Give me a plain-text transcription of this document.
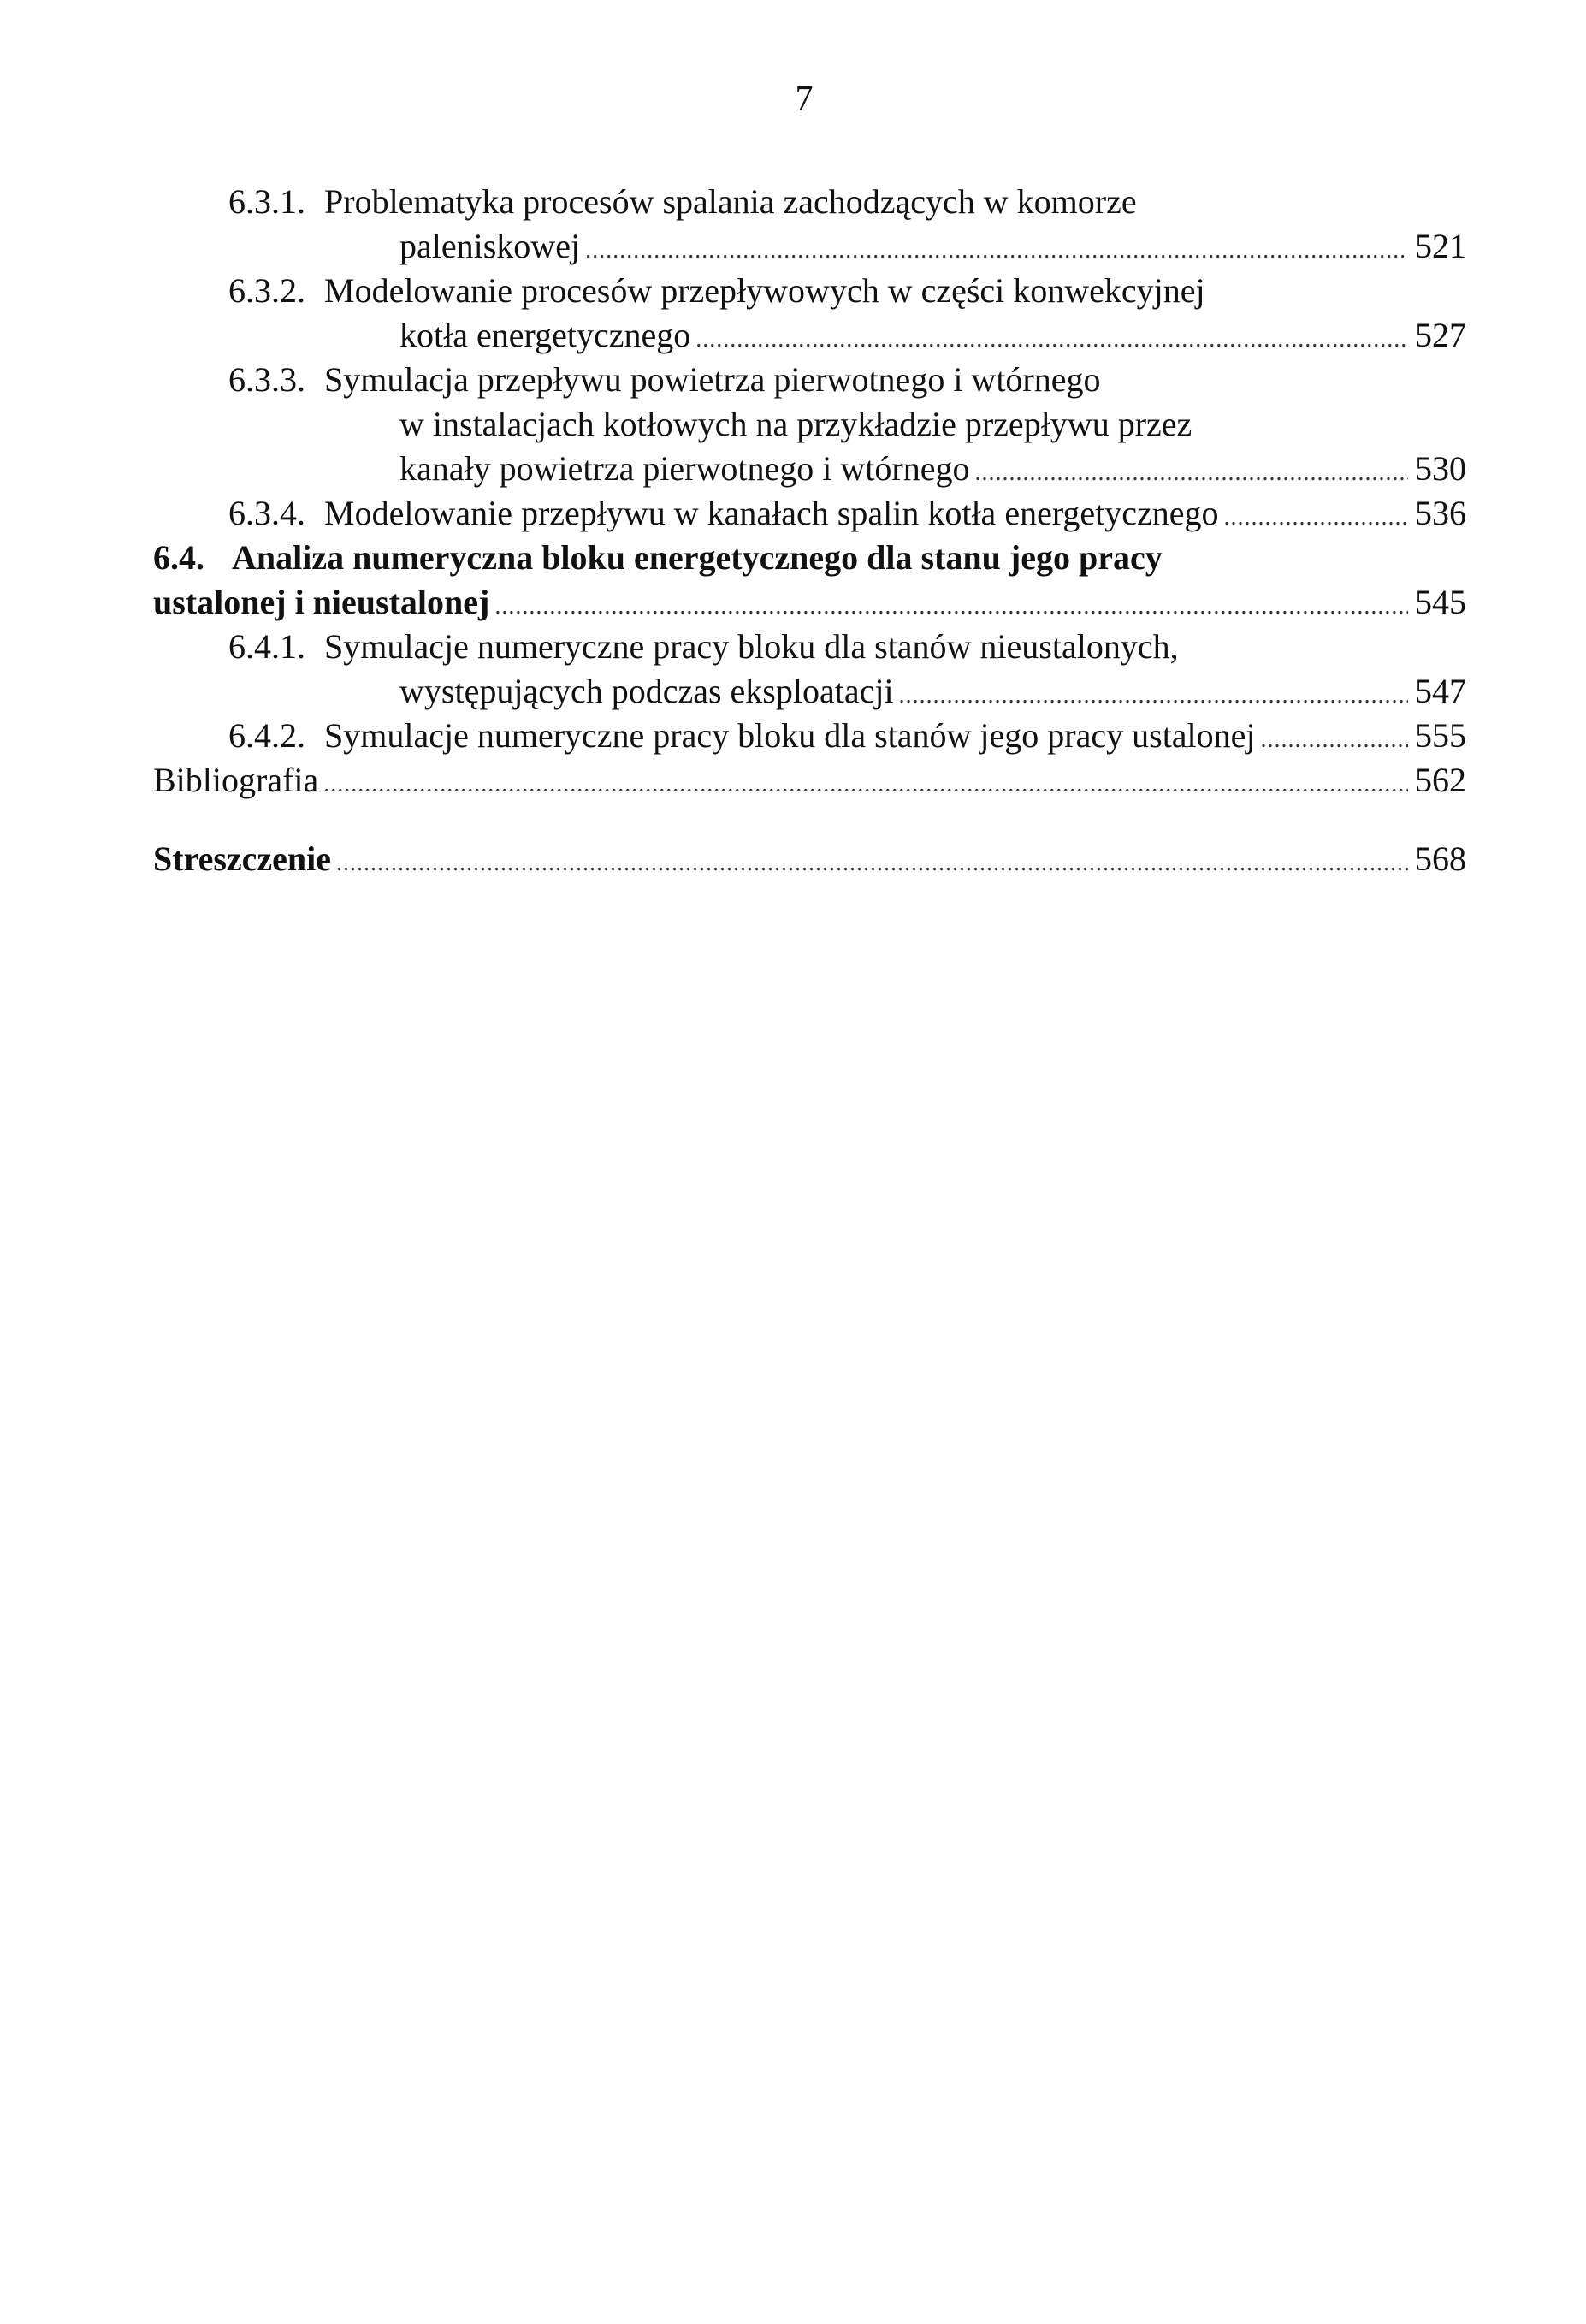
7
6.3.1. Problematyka procesów spalania zachodzących w komorze
paleniskowej .....	521
6.3.2. Modelowanie procesów przepływowych w części konwekcyjnej
kotła energetycznego .....	527
6.3.3. Symulacja przepływu powietrza pierwotnego i wtórnego
w instalacjach kotłowych na przykładzie przepływu przez
kanały powietrza pierwotnego i wtórnego .....	530
6.3.4. Modelowanie przepływu w kanałach spalin kotła energetycznego .....	536
6.4. Analiza numeryczna bloku energetycznego dla stanu jego pracy
ustalonej i nieustalonej .....	545
6.4.1. Symulacje numeryczne pracy bloku dla stanów nieustalonych,
występujących podczas eksploatacji .....	547
6.4.2. Symulacje numeryczne pracy bloku dla stanów jego pracy ustalonej .....	555
Bibliografia .....	562
Streszczenie .....	568
